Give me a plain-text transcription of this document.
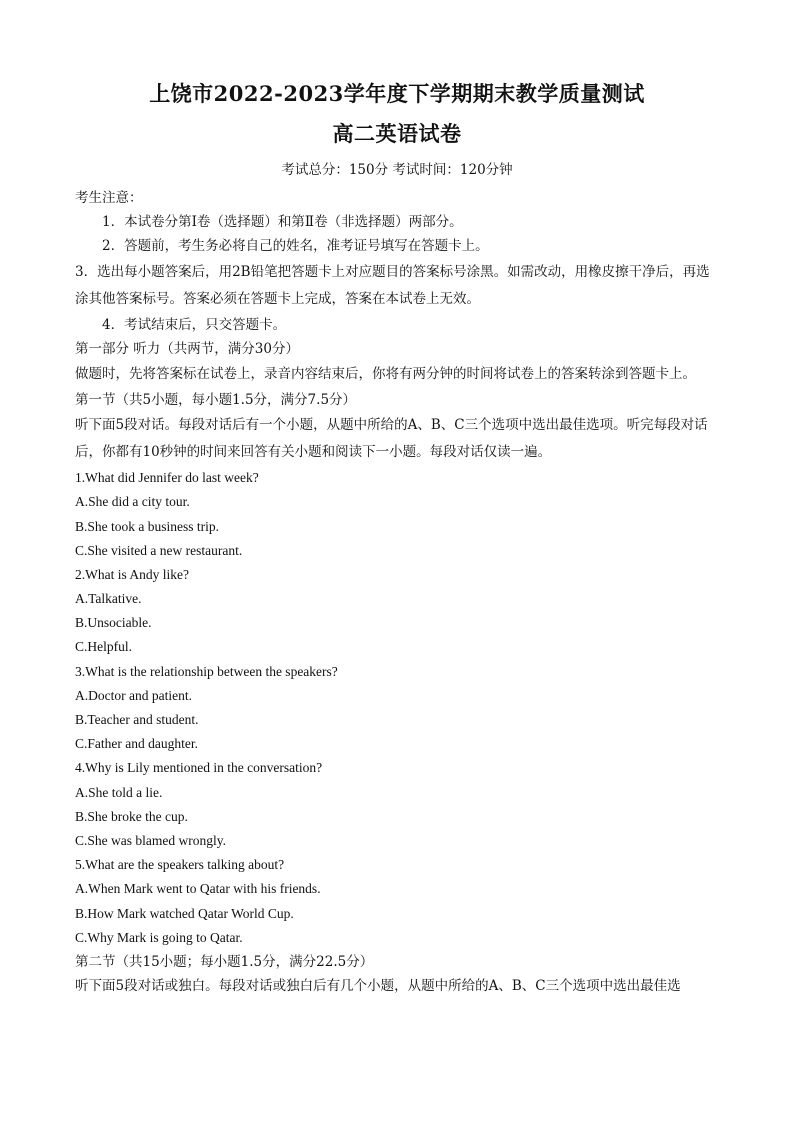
上饶市2022-2023学年度下学期期末教学质量测试
高二英语试卷
考试总分：150分 考试时间：120分钟
考生注意：
1．本试卷分第Ⅰ卷（选择题）和第Ⅱ卷（非选择题）两部分。
2．答题前，考生务必将自己的姓名，准考证号填写在答题卡上。
3．选出每小题答案后，用2B铅笔把答题卡上对应题目的答案标号涂黑。如需改动，用橡皮擦干净后，再选涂其他答案标号。答案必须在答题卡上完成，答案在本试卷上无效。
4．考试结束后，只交答题卡。
第一部分 听力（共两节，满分30分）
做题时，先将答案标在试卷上，录音内容结束后，你将有两分钟的时间将试卷上的答案转涂到答题卡上。
第一节（共5小题，每小题1.5分，满分7.5分）
听下面5段对话。每段对话后有一个小题，从题中所给的A、B、C三个选项中选出最佳选项。听完每段对话后，你都有10秒钟的时间来回答有关小题和阅读下一小题。每段对话仅读一遍。
1.What did Jennifer do last week?
A.She did a city tour.
B.She took a business trip.
C.She visited a new restaurant.
2.What is Andy like?
A.Talkative.
B.Unsociable.
C.Helpful.
3.What is the relationship between the speakers?
A.Doctor and patient.
B.Teacher and student.
C.Father and daughter.
4.Why is Lily mentioned in the conversation?
A.She told a lie.
B.She broke the cup.
C.She was blamed wrongly.
5.What are the speakers talking about?
A.When Mark went to Qatar with his friends.
B.How Mark watched Qatar World Cup.
C.Why Mark is going to Qatar.
第二节（共15小题；每小题1.5分，满分22.5分）
听下面5段对话或独白。每段对话或独白后有几个小题，从题中所给的A、B、C三个选项中选出最佳选
